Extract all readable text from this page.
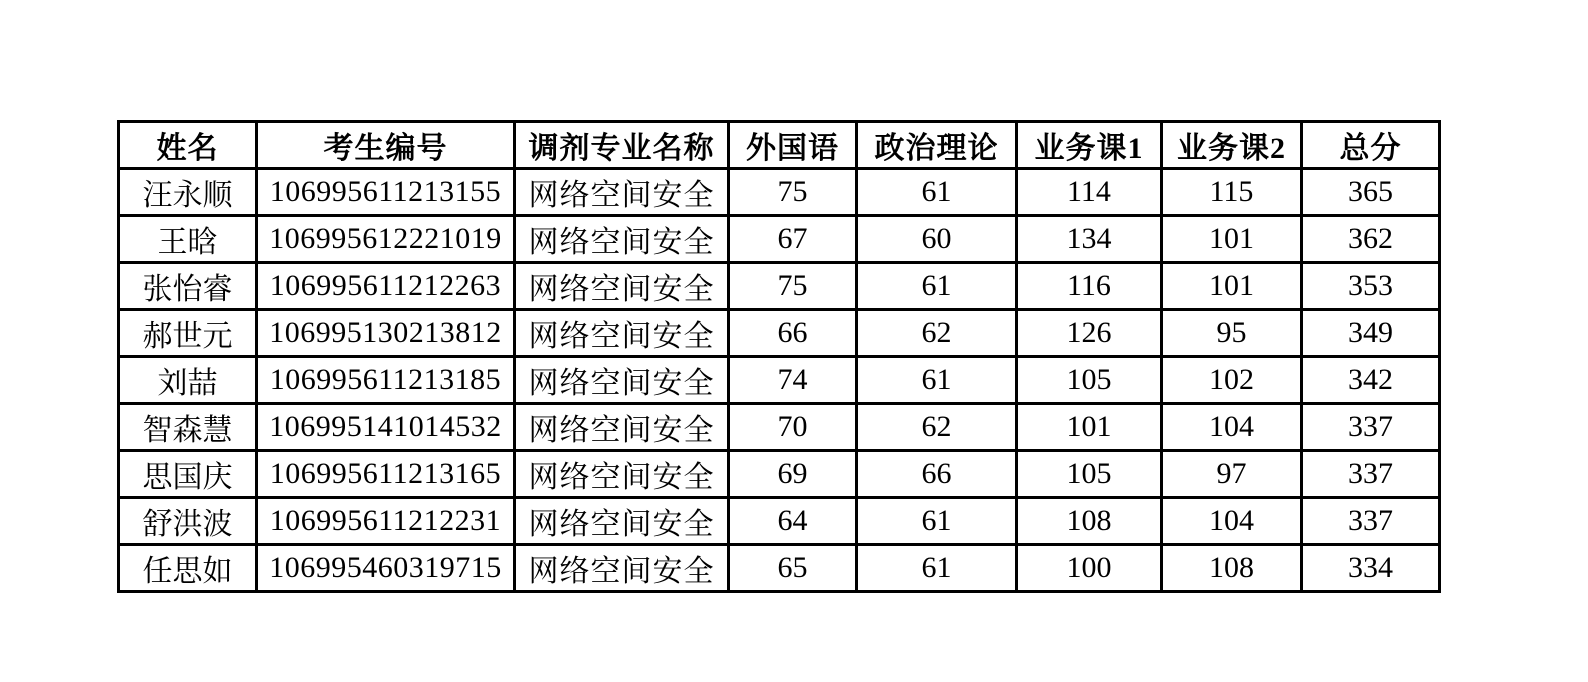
姓名	考生编号	调剂专业名称	外国语	政治理论	业务课1	业务课2	总分
汪永顺	106995611213155	网络空间安全	75	61	114	115	365
王晗	106995612221019	网络空间安全	67	60	134	101	362
张怡睿	106995611212263	网络空间安全	75	61	116	101	353
郝世元	106995130213812	网络空间安全	66	62	126	95	349
刘喆	106995611213185	网络空间安全	74	61	105	102	342
智森慧	106995141014532	网络空间安全	70	62	101	104	337
思国庆	106995611213165	网络空间安全	69	66	105	97	337
舒洪波	106995611212231	网络空间安全	64	61	108	104	337
任思如	106995460319715	网络空间安全	65	61	100	108	334
